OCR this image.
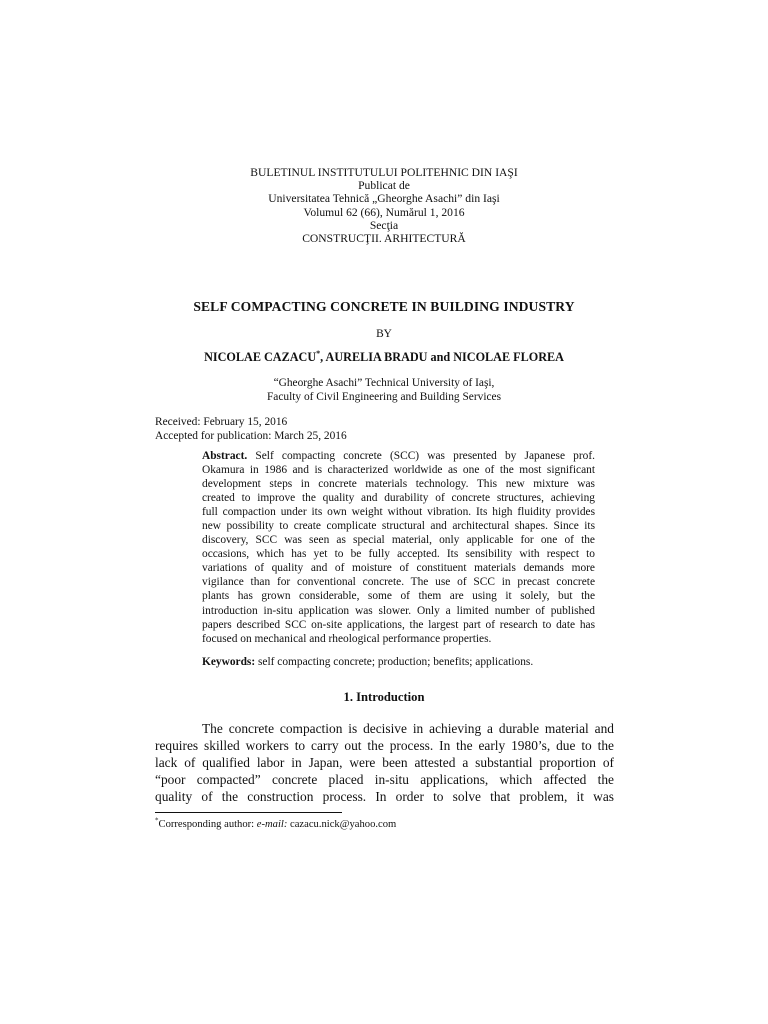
BULETINUL INSTITUTULUI POLITEHNIC DIN IAŞI
Publicat de
Universitatea Tehnică „Gheorghe Asachi” din Iaşi
Volumul 62 (66), Numărul 1, 2016
Secţia
CONSTRUCŢII. ARHITECTURĂ
SELF COMPACTING CONCRETE IN BUILDING INDUSTRY
BY
NICOLAE CAZACU*, AURELIA BRADU and NICOLAE FLOREA
“Gheorghe Asachi” Technical University of Iaşi,
Faculty of Civil Engineering and Building Services
Received: February 15, 2016
Accepted for publication: March 25, 2016
Abstract. Self compacting concrete (SCC) was presented by Japanese prof.
Okamura in 1986 and is characterized worldwide as one of the most significant
development steps in concrete materials technology. This new mixture was
created to improve the quality and durability of concrete structures, achieving
full compaction under its own weight without vibration. Its high fluidity provides
new possibility to create complicate structural and architectural shapes. Since its
discovery, SCC was seen as special material, only applicable for one of the
occasions, which has yet to be fully accepted. Its sensibility with respect to
variations of quality and of moisture of constituent materials demands more
vigilance than for conventional concrete. The use of SCC in precast concrete
plants has grown considerable, some of them are using it solely, but the
introduction in-situ application was slower. Only a limited number of published
papers described SCC on-site applications, the largest part of research to date has
focused on mechanical and rheological performance properties.
Keywords: self compacting concrete; production; benefits; applications.
1. Introduction
The concrete compaction is decisive in achieving a durable material and
requires skilled workers to carry out the process. In the early 1980’s, due to the
lack of qualified labor in Japan, were been attested a substantial proportion of
“poor compacted” concrete placed in-situ applications, which affected the
quality of the construction process. In order to solve that problem, it was
*Corresponding author: e-mail: cazacu.nick@yahoo.com
